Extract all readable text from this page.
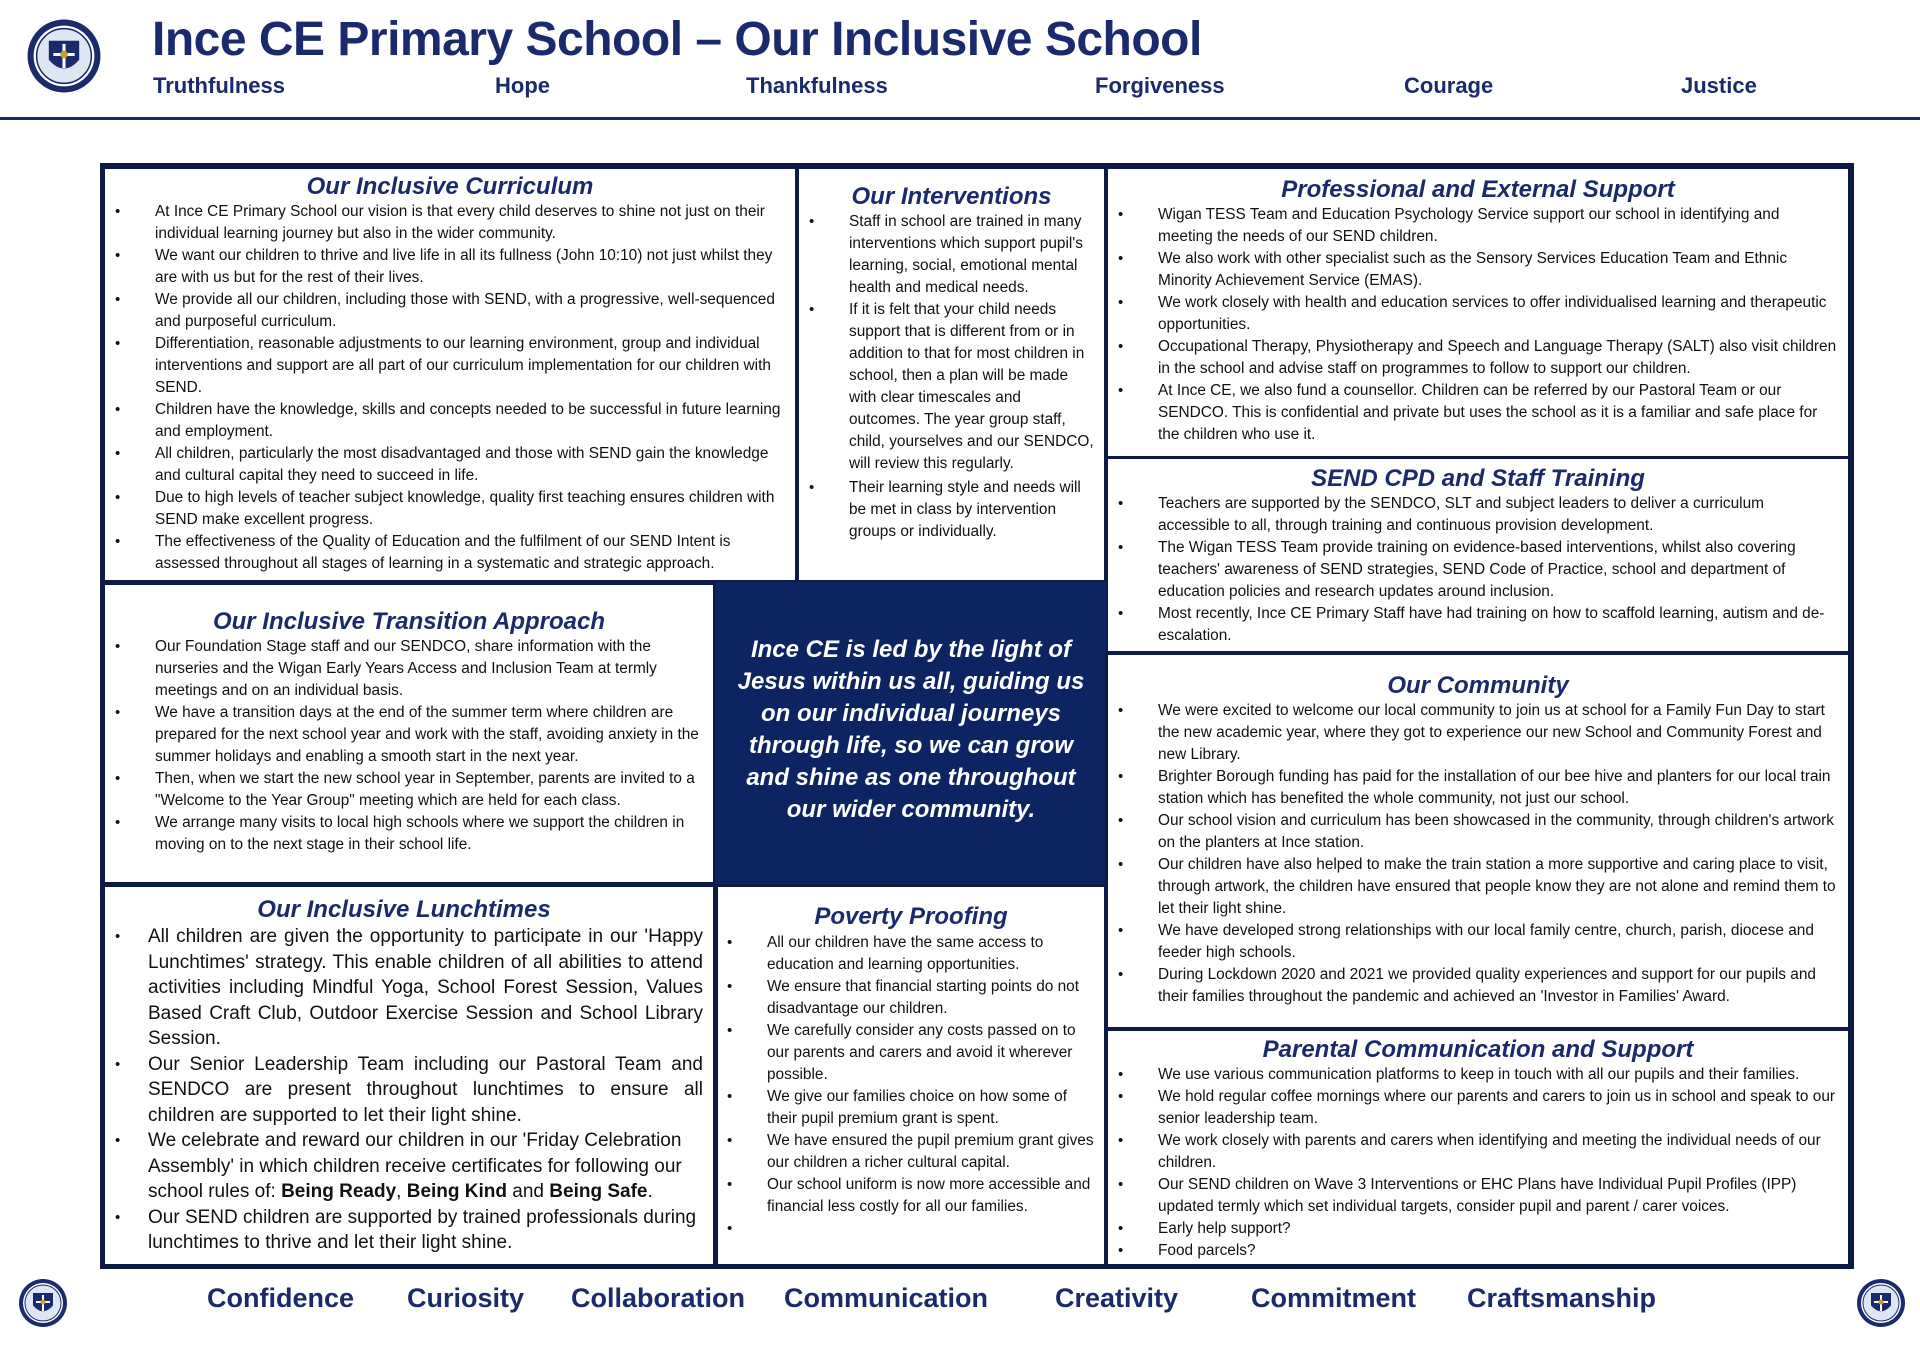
Ince CE Primary School – Our Inclusive School
Truthfulness	Hope	Thankfulness	Forgiveness	Courage	Justice
Our Inclusive Curriculum
• At Ince CE Primary School our vision is that every child deserves to shine not just on their individual learning journey but also in the wider community.
• We want our children to thrive and live life in all its fullness (John 10:10) not just whilst they are with us but for the rest of their lives.
• We provide all our children, including those with SEND, with a progressive, well-sequenced and purposeful curriculum.
• Differentiation, reasonable adjustments to our learning environment, group and individual interventions and support are all part of our curriculum implementation for our children with SEND.
• Children have the knowledge, skills and concepts needed to be successful in future learning and employment.
• All children, particularly the most disadvantaged and those with SEND gain the knowledge and cultural capital they need to succeed in life.
• Due to high levels of teacher subject knowledge, quality first teaching ensures children with SEND make excellent progress.
• The effectiveness of the Quality of Education and the fulfilment of our SEND Intent is assessed throughout all stages of learning in a systematic and strategic approach.
Our Interventions
• Staff in school are trained in many interventions which support pupil's learning, social, emotional mental health and medical needs.
• If it is felt that your child needs support that is different from or in addition to that for most children in school, then a plan will be made with clear timescales and outcomes. The year group staff, child, yourselves and our SENDCO, will review this regularly.
• Their learning style and needs will be met in class by intervention groups or individually.
Professional and External Support
• Wigan TESS Team and Education Psychology Service support our school in identifying and meeting the needs of our SEND children.
• We also work with other specialist such as the Sensory Services Education Team and Ethnic Minority Achievement Service (EMAS).
• We work closely with health and education services to offer individualised learning and therapeutic opportunities.
• Occupational Therapy, Physiotherapy and Speech and Language Therapy (SALT) also visit children in the school and advise staff on programmes to follow to support our children.
• At Ince CE, we also fund a counsellor. Children can be referred by our Pastoral Team or our SENDCO. This is confidential and private but uses the school as it is a familiar and safe place for the children who use it.
SEND CPD and Staff Training
• Teachers are supported by the SENDCO, SLT and subject leaders to deliver a curriculum accessible to all, through training and continuous provision development.
• The Wigan TESS Team provide training on evidence-based interventions, whilst also covering teachers' awareness of SEND strategies, SEND Code of Practice, school and department of education policies and research updates around inclusion.
• Most recently, Ince CE Primary Staff have had training on how to scaffold learning, autism and de-escalation.
Our Inclusive Transition Approach
• Our Foundation Stage staff and our SENDCO, share information with the nurseries and the Wigan Early Years Access and Inclusion Team at termly meetings and on an individual basis.
• We have a transition days at the end of the summer term where children are prepared for the next school year and work with the staff, avoiding anxiety in the summer holidays and enabling a smooth start in the next year.
• Then, when we start the new school year in September, parents are invited to a "Welcome to the Year Group" meeting which are held for each class.
• We arrange many visits to local high schools where we support the children in moving on to the next stage in their school life.

Ince CE is led by the light of Jesus within us all, guiding us on our individual journeys through life, so we can grow and shine as one throughout our wider community.

Our Community
• We were excited to welcome our local community to join us at school for a Family Fun Day to start the new academic year, where they got to experience our new School and Community Forest and new Library.
• Brighter Borough funding has paid for the installation of our bee hive and planters for our local train station which has benefited the whole community, not just our school.
• Our school vision and curriculum has been showcased in the community, through children's artwork on the planters at Ince station.
• Our children have also helped to make the train station a more supportive and caring place to visit, through artwork, the children have ensured that people know they are not alone and remind them to let their light shine.
• We have developed strong relationships with our local family centre, church, parish, diocese and feeder high schools.
• During Lockdown 2020 and 2021 we provided quality experiences and support for our pupils and their families throughout the pandemic and achieved an 'Investor in Families' Award.
Our Inclusive Lunchtimes
• All children are given the opportunity to participate in our 'Happy Lunchtimes' strategy. This enable children of all abilities to attend activities including Mindful Yoga, School Forest Session, Values Based Craft Club, Outdoor Exercise Session and School Library Session.
• Our Senior Leadership Team including our Pastoral Team and SENDCO are present throughout lunchtimes to ensure all children are supported to let their light shine.
• We celebrate and reward our children in our 'Friday Celebration Assembly' in which children receive certificates for following our school rules of: Being Ready, Being Kind and Being Safe.
• Our SEND children are supported by trained professionals during lunchtimes to thrive and let their light shine.
Poverty Proofing
• All our children have the same access to education and learning opportunities.
• We ensure that financial starting points do not disadvantage our children.
• We carefully consider any costs passed on to our parents and carers and avoid it wherever possible.
• We give our families choice on how some of their pupil premium grant is spent.
• We have ensured the pupil premium grant gives our children a richer cultural capital.
• Our school uniform is now more accessible and financial less costly for all our families.
•
Parental Communication and Support
• We use various communication platforms to keep in touch with all our pupils and their families.
• We hold regular coffee mornings where our parents and carers to join us in school and speak to our senior leadership team.
• We work closely with parents and carers when identifying and meeting the individual needs of our children.
• Our SEND children on Wave 3 Interventions or EHC Plans have Individual Pupil Profiles (IPP) updated termly which set individual targets, consider pupil and parent / carer voices.
• Early help support?
• Food parcels?
Confidence Curiosity Collaboration Communication Creativity	Commitment Craftsmanship
